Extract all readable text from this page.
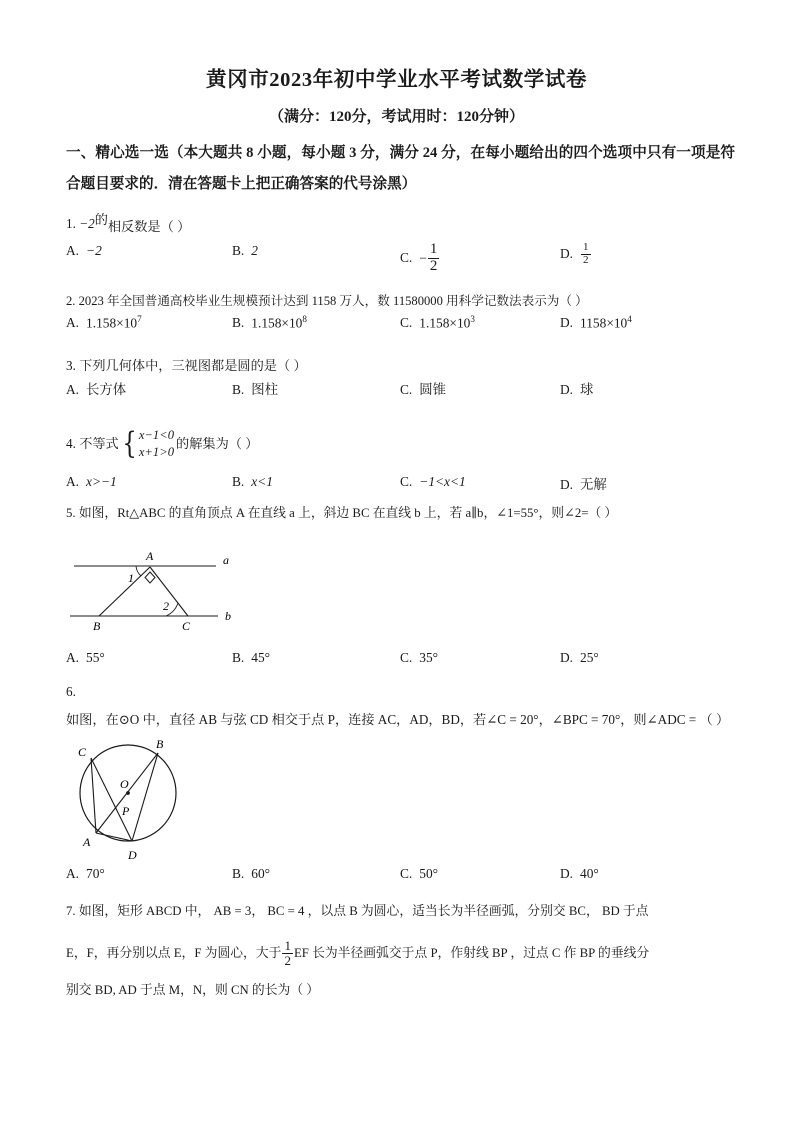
黄冈市2023年初中学业水平考试数学试卷
（满分：120分，考试用时：120分钟）
一、精心选一选（本大题共 8 小题，每小题 3 分，满分 24 分，在每小题给出的四个选项中只有一项是符合题目要求的．清在答题卡上把正确答案的代号涂黑）
1. −2的相反数是（ ）
A. −2	B. 2	C. − $\frac{1}{2}$	D. $\frac{1}{2}$
2. 2023 年全国普通高校毕业生规模预计达到 1158 万人，数 11580000 用科学记数法表示为（ ）
A. $1.158\times 10^7$	B. $1.158\times 10^8$	C. $1.158\times 10^3$	D. $1158\times 10^4$
3. 下列几何体中，三视图都是圆的是（ ）
A. 长方体	B. 图柱	C. 圆锥	D. 球
4. 不等式 { x−1<0
x+1>0
的解集为（ ）
A. x>−1	B. x<1	C. −1<x<1	D. 无解
5. 如图，Rt△ABC 的直角顶点 A 在直线 a 上，斜边 BC 在直线 b 上，若 a∥b，∠1=55°，则∠2=（ ）
A
B	C
a
b
1
2
A. 55°	B. 45°	C. 35°	D. 25°
6. 如图，在⊙O 中，直径 AB 与弦 CD 相交于点 P，连接 AC，AD，BD，若∠C = 20°，∠BPC = 70°，则∠ADC = （ ）
C
B
A
D
O
P
A. 70°	B. 60°	C. 50°	D. 40°
7. 如图，矩形 ABCD 中， AB = 3， BC = 4 ，以点 B 为圆心，适当长为半径画弧，分别交 BC， BD 于点
E，F，再分别以点 E，F 为圆心，大于 $\frac{1}{2}$ EF 长为半径画弧交于点 P，作射线 BP ，过点 C 作 BP 的垂线分
别交 BD, AD 于点 M，N，则 CN 的长为（ ）
